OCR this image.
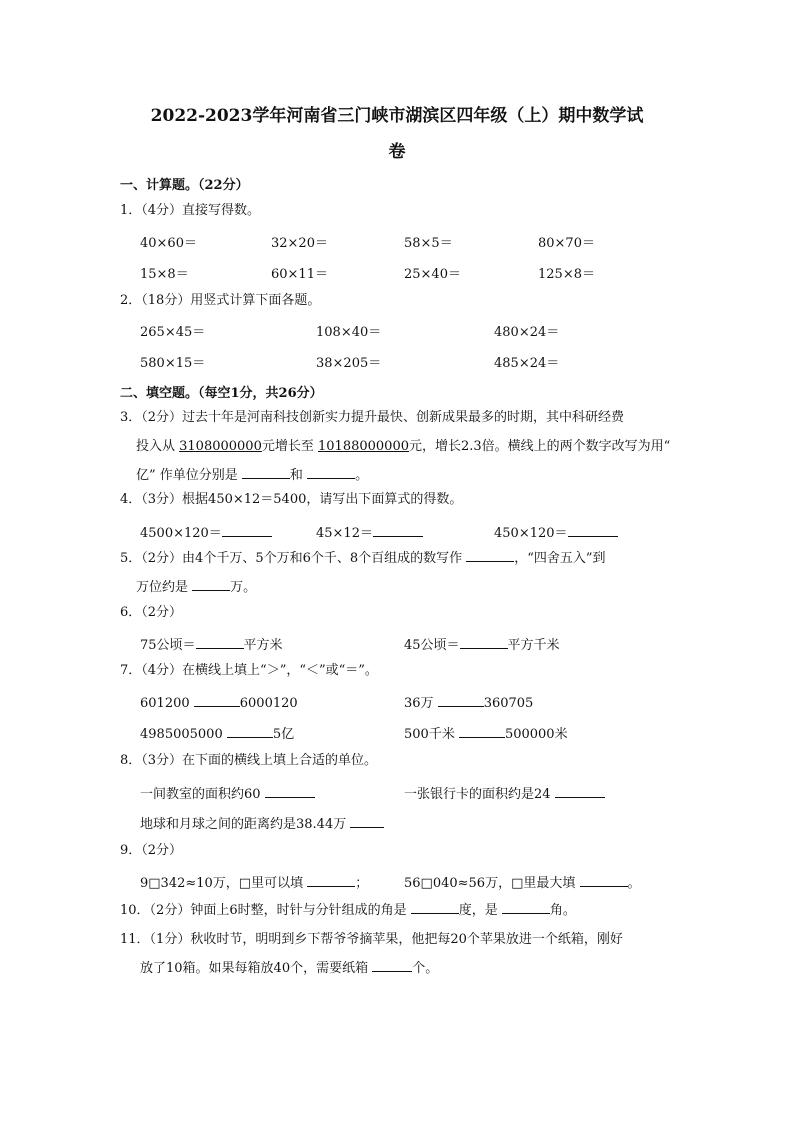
2022-2023学年河南省三门峡市湖滨区四年级（上）期中数学试
卷
一、计算题。（22分）
1．（4分）直接写得数。
40×60＝	32×20＝	58×5＝	80×70＝
15×8＝	60×11＝	25×40＝	125×8＝
2．（18分）用竖式计算下面各题。
265×45＝	108×40＝	480×24＝
580×15＝	38×205＝	485×24＝
二、填空题。（每空1分，共26分）
3．（2分）过去十年是河南科技创新实力提升最快、创新成果最多的时期，其中科研经费
投入从 3108000000元增长至 10188000000元，增长2.3倍。横线上的两个数字改写为用“
亿” 作单位分别是	和	。
4．（3分）根据450×12＝5400，请写出下面算式的得数。
4500×120＝	45×12＝	450×120＝
5．（2分）由4个千万、5个万和6个千、8个百组成的数写作	，“四舍五入”到
万位约是	万。
6．（2分）
75公顷＝	平方米	45公顷＝	平方千米
7．（4分）在横线上填上“＞”，“＜”或“＝”。
601200	6000120	36万	360705
4985005000	5亿	500千米	500000米
8．（3分）在下面的横线上填上合适的单位。
一间教室的面积约60	一张银行卡的面积约是24
地球和月球之间的距离约是38.44万
9．（2分）
9□342≈10万，□里可以填	；	56□040≈56万，□里最大填	。
10．（2分）钟面上6时整，时针与分针组成的角是	度，是	角。
11．（1分）秋收时节，明明到乡下帮爷爷摘苹果，他把每20个苹果放进一个纸箱，刚好
放了10箱。如果每箱放40个，需要纸箱	个。
